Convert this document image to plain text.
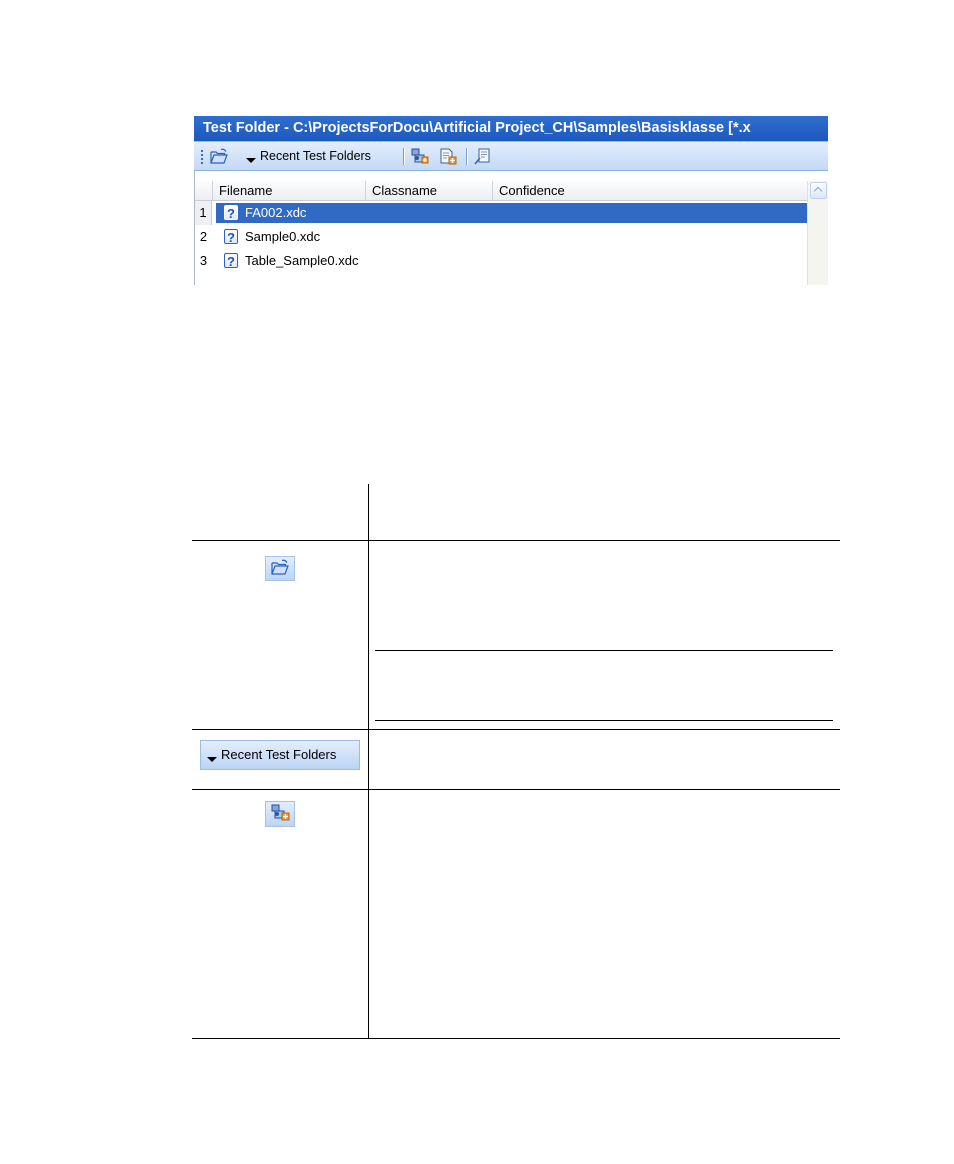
Test Folder - C:\ProjectsForDocu\Artificial Project_CH\Samples\Basisklasse [*.x
Recent Test Folders
Filename	Classname	Confidence
1	? FA002.xdc
2	? Sample0.xdc
3	? Table_Sample0.xdc
Recent Test Folders
